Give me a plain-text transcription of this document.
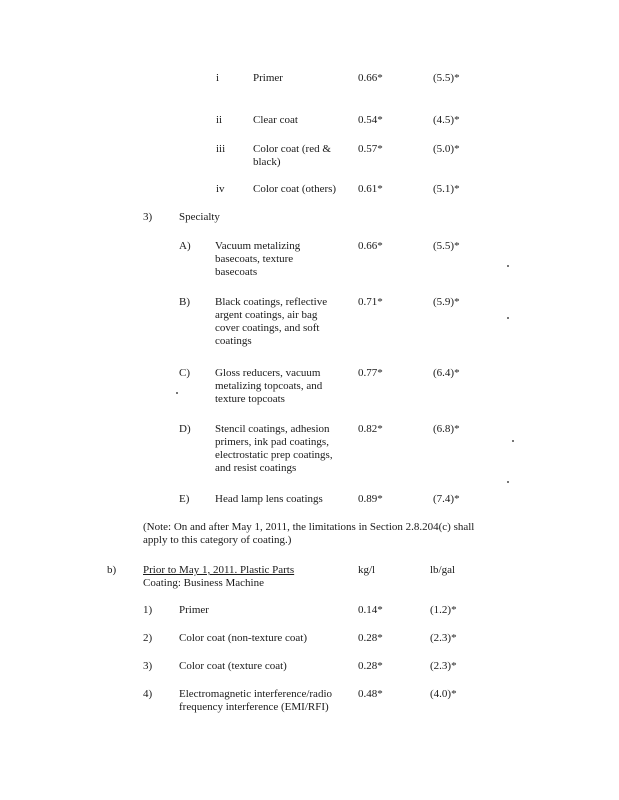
i	Primer	0.66*	(5.5)*
ii	Clear coat	0.54*	(4.5)*
iii	Color coat (red &
black)
0.57*	(5.0)*
iv	Color coat (others) 0.61*	(5.1)*
3) Specialty
A) Vacuum metalizing
basecoats, texture
basecoats
0.66*	(5.5)*
B) Black coatings, reflective
argent coatings, air bag
cover coatings, and soft
coatings
0.71*	(5.9)*
C) Gloss reducers, vacuum
metalizing topcoats, and
texture topcoats
0.77*	(6.4)*
D) Stencil coatings, adhesion
primers, ink pad coatings,
electrostatic prep coatings,
and resist coatings
0.82*	(6.8)*
E) Head lamp lens coatings	0.89*	(7.4)*
(Note: On and after May 1, 2011, the limitations in Section 2.8.204(c) shall
apply to this category of coating.)
b) Prior to May 1, 2011. Plastic Parts
Coating: Business Machine
kg/l	lb/gal
1) Primer	0.14*	(1.2)*
2) Color coat (non-texture coat)	0.28*	(2.3)*
3) Color coat (texture coat)	0.28*	(2.3)*
4) Electromagnetic interference/radio
frequency interference (EMI/RFI)
0.48*	(4.0)*
